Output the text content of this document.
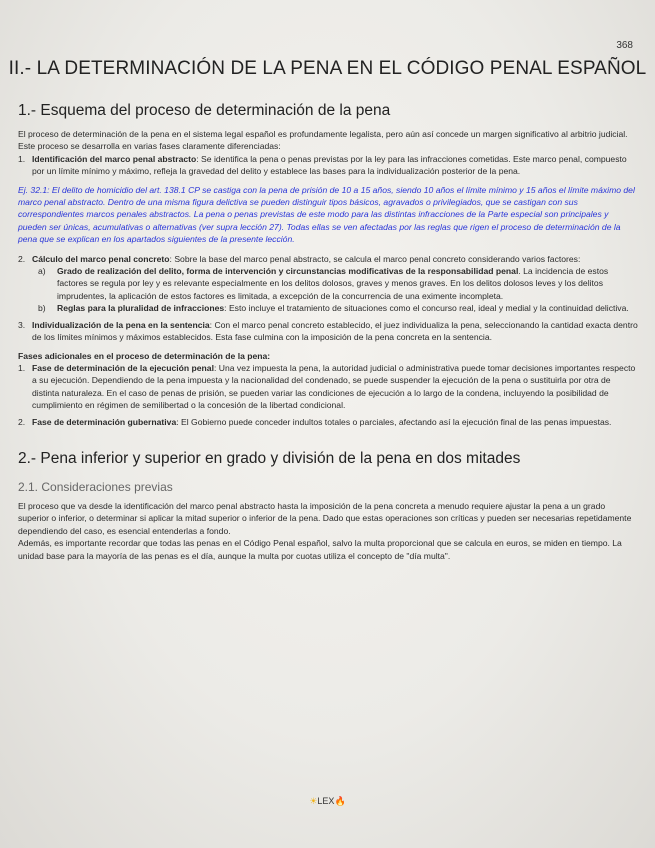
368
II.- LA DETERMINACIÓN DE LA PENA EN EL CÓDIGO PENAL ESPAÑOL
1.- Esquema del proceso de determinación de la pena

El proceso de determinación de la pena en el sistema legal español es profundamente legalista, pero aún así concede un margen significativo al arbitrio judicial. Este proceso se desarrolla en varias fases claramente diferenciadas:

1. Identificación del marco penal abstracto: Se identifica la pena o penas previstas por la ley para las infracciones cometidas. Este marco penal, compuesto por un límite mínimo y máximo, refleja la gravedad del delito y establece las bases para la individualización posterior de la pena.

Ej. 32.1: El delito de homicidio del art. 138.1 CP se castiga con la pena de prisión de 10 a 15 años, siendo 10 años el límite mínimo y 15 años el límite máximo del marco penal abstracto. Dentro de una misma figura delictiva se pueden distinguir tipos básicos, agravados o privilegiados, que se castigan con sus correspondientes marcos penales abstractos. La pena o penas previstas de este modo para las distintas infracciones de la Parte especial son principales y pueden ser únicas, acumulativas o alternativas (ver supra lección 27). Todas ellas se ven afectadas por las reglas que rigen el proceso de determinación de la pena que se explican en los apartados siguientes de la presente lección.

2. Cálculo del marco penal concreto: Sobre la base del marco penal abstracto, se calcula el marco penal concreto considerando varios factores:
a) Grado de realización del delito, forma de intervención y circunstancias modificativas de la responsabilidad penal. La incidencia de estos factores se regula por ley y es relevante especialmente en los delitos dolosos, graves y menos graves. En los delitos dolosos leves y los delitos imprudentes, la aplicación de estos factores es limitada, a excepción de la concurrencia de una eximente incompleta.
b) Reglas para la pluralidad de infracciones: Esto incluye el tratamiento de situaciones como el concurso real, ideal y medial y la continuidad delictiva.
3. Individualización de la pena en la sentencia: Con el marco penal concreto establecido, el juez individualiza la pena, seleccionando la cantidad exacta dentro de los límites mínimos y máximos establecidos. Esta fase culmina con la imposición de la pena concreta en la sentencia.

Fases adicionales en el proceso de determinación de la pena:

1. Fase de determinación de la ejecución penal: Una vez impuesta la pena, la autoridad judicial o administrativa puede tomar decisiones importantes respecto a su ejecución. Dependiendo de la pena impuesta y la nacionalidad del condenado, se puede suspender la ejecución de la pena o sustituirla por otra de distinta naturaleza. En el caso de penas de prisión, se pueden variar las condiciones de ejecución a lo largo de la condena, incluyendo la posibilidad de cumplimiento en régimen de semilibertad o la concesión de la libertad condicional.
2. Fase de determinación gubernativa: El Gobierno puede conceder indultos totales o parciales, afectando así la ejecución final de las penas impuestas.
2.- Pena inferior y superior en grado y división de la pena en dos mitades
2.1. Consideraciones previas

El proceso que va desde la identificación del marco penal abstracto hasta la imposición de la pena concreta a menudo requiere ajustar la pena a un grado superior o inferior, o determinar si aplicar la mitad superior o inferior de la pena. Dado que estas operaciones son críticas y pueden ser necesarias repetidamente dependiendo del caso, es esencial entenderlas a fondo.

Además, es importante recordar que todas las penas en el Código Penal español, salvo la multa proporcional que se calcula en euros, se miden en tiempo. La unidad base para la mayoría de las penas es el día, aunque la multa por cuotas utiliza el concepto de "día multa".

☀LEX🔥
